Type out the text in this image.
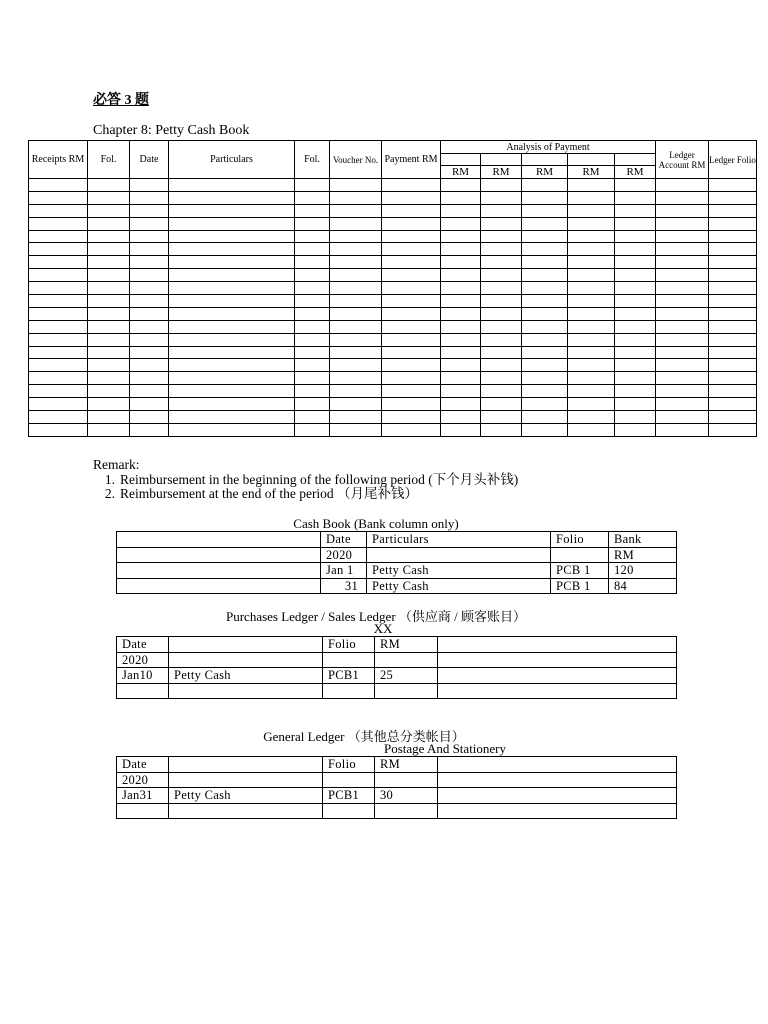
必答 3 题
Chapter 8: Petty Cash Book
Receipts RM	Fol.	Date	Particulars	Fol.	Voucher No.	Payment RM	Analysis of Payment					Ledger Account RM	Ledger Folio

							RM	RM	RM	RM	RM		

Remark:
1. Reimbursement in the beginning of the following period (下个月头补钱)
2. Reimbursement at the end of the period （月尾补钱）
Cash Book (Bank column only)
	Date	Particulars	Folio	Bank
	2020			RM
	Jan 1	Petty Cash	PCB 1	120
	31	Petty Cash	PCB 1	84
Purchases Ledger / Sales Ledger （供应商 / 顾客账目）
XX
Date		Folio	RM	
2020				
Jan10	Petty Cash	PCB1	25	

General Ledger （其他总分类帐目）
Postage And Stationery
Date		Folio	RM	
2020				
Jan31	Petty Cash	PCB1	30	
